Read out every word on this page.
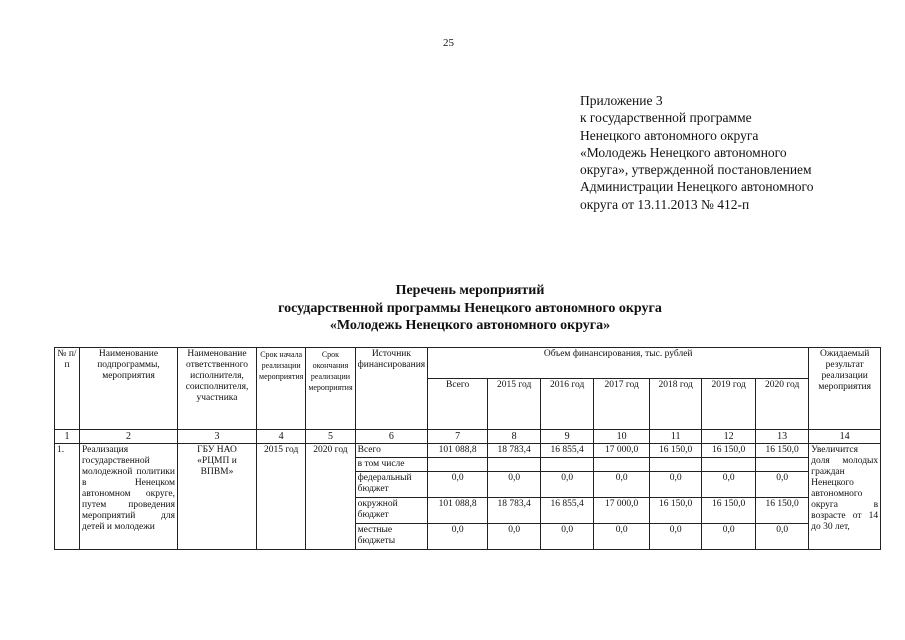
25
Приложение 3
к государственной программе
Ненецкого автономного округа
«Молодежь Ненецкого автономного
округа», утвержденной постановлением
Администрации Ненецкого автономного
округа от 13.11.2013 № 412-п
Перечень мероприятий
государственной программы Ненецкого автономного округа
«Молодежь Ненецкого автономного округа»
№ п/п	Наименование подпрограммы, мероприятия	Наименование ответственного исполнителя, соисполнителя, участника	Срок начала реализации мероприятия	Срок окончания реализации мероприятия	Источник финансирования	Объем финансирования, тыс. рублей							Ожидаемый результат реализации мероприятия
						Всего	2015 год	2016 год	2017 год	2018 год	2019 год	2020 год	
1	2	3	4	5	6	7	8	9	10	11	12	13	14
1.	Реализация государственной молодежной политики в Ненецком автономном округе, путем проведения мероприятий для детей и молодежи	ГБУ НАО «РЦМП и ВПВМ»	2015 год	2020 год	Всего	101 088,8	18 783,4	16 855,4	17 000,0	16 150,0	16 150,0	16 150,0	Увеличится доля молодых граждан Ненецкого автономного округа в возрасте от 14 до 30 лет,
					в том числе								
					федеральный бюджет	0,0	0,0	0,0	0,0	0,0	0,0	0,0	
					окружной бюджет	101 088,8	18 783,4	16 855,4	17 000,0	16 150,0	16 150,0	16 150,0	
					местные бюджеты	0,0	0,0	0,0	0,0	0,0	0,0	0,0	
